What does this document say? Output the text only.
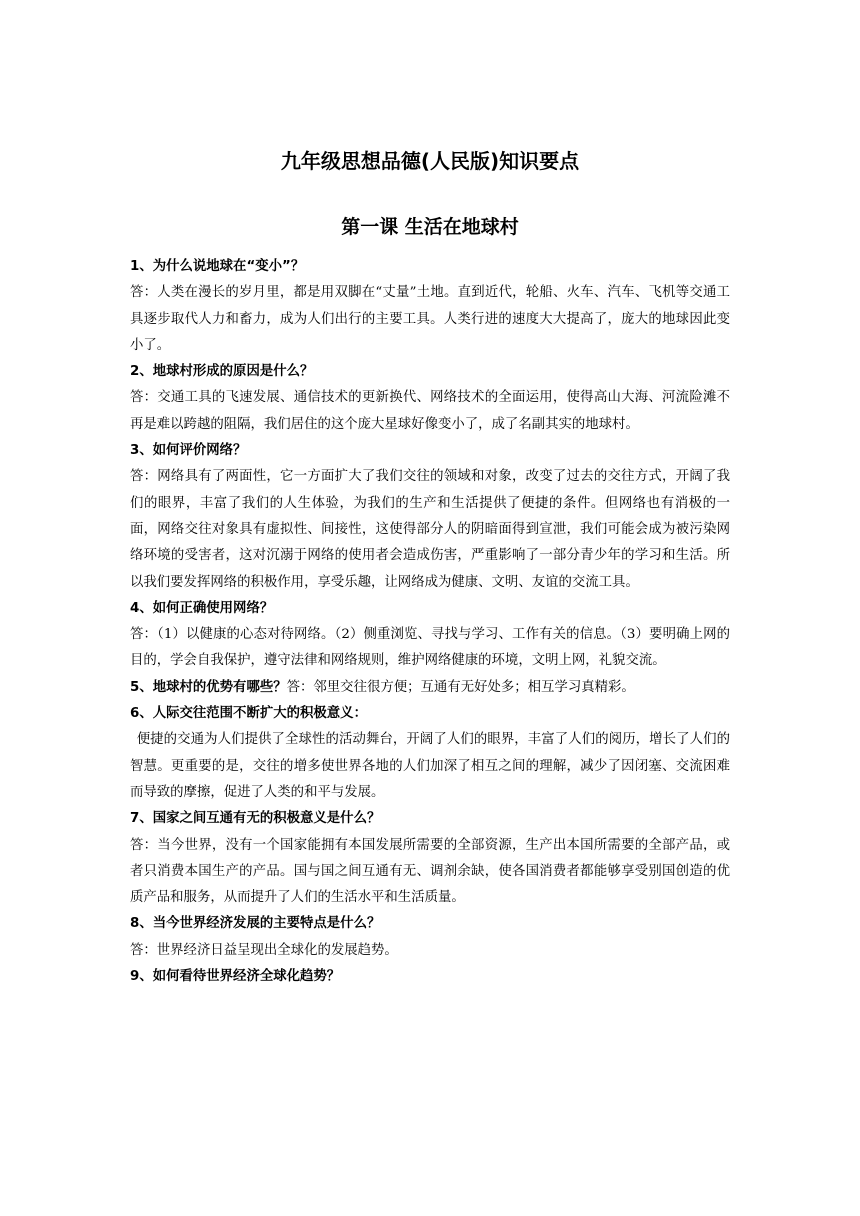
九年级思想品德(人民版)知识要点
第一课 生活在地球村

1、为什么说地球在“变小”？

答：人类在漫长的岁月里，都是用双脚在“丈量”土地。直到近代，轮船、火车、汽车、飞机等交通工具逐步取代人力和畜力，成为人们出行的主要工具。人类行进的速度大大提高了，庞大的地球因此变小了。

2、地球村形成的原因是什么？

答：交通工具的飞速发展、通信技术的更新换代、网络技术的全面运用，使得高山大海、河流险滩不再是难以跨越的阻隔，我们居住的这个庞大星球好像变小了，成了名副其实的地球村。

3、如何评价网络？

答：网络具有了两面性，它一方面扩大了我们交往的领域和对象，改变了过去的交往方式，开阔了我们的眼界，丰富了我们的人生体验，为我们的生产和生活提供了便捷的条件。但网络也有消极的一面，网络交往对象具有虚拟性、间接性，这使得部分人的阴暗面得到宣泄，我们可能会成为被污染网络环境的受害者，这对沉溺于网络的使用者会造成伤害，严重影响了一部分青少年的学习和生活。所以我们要发挥网络的积极作用，享受乐趣，让网络成为健康、文明、友谊的交流工具。

4、如何正确使用网络？

答：（1）以健康的心态对待网络。（2）侧重浏览、寻找与学习、工作有关的信息。（3）要明确上网的目的，学会自我保护，遵守法律和网络规则，维护网络健康的环境，文明上网，礼貌交流。

5、地球村的优势有哪些？答：邻里交往很方便；互通有无好处多；相互学习真精彩。

6、人际交往范围不断扩大的积极意义：

便捷的交通为人们提供了全球性的活动舞台，开阔了人们的眼界，丰富了人们的阅历，增长了人们的智慧。更重要的是，交往的增多使世界各地的人们加深了相互之间的理解，减少了因闭塞、交流困难而导致的摩擦，促进了人类的和平与发展。

7、国家之间互通有无的积极意义是什么？

答：当今世界，没有一个国家能拥有本国发展所需要的全部资源，生产出本国所需要的全部产品，或者只消费本国生产的产品。国与国之间互通有无、调剂余缺，使各国消费者都能够享受别国创造的优质产品和服务，从而提升了人们的生活水平和生活质量。

8、当今世界经济发展的主要特点是什么？

答：世界经济日益呈现出全球化的发展趋势。

9、如何看待世界经济全球化趋势？
